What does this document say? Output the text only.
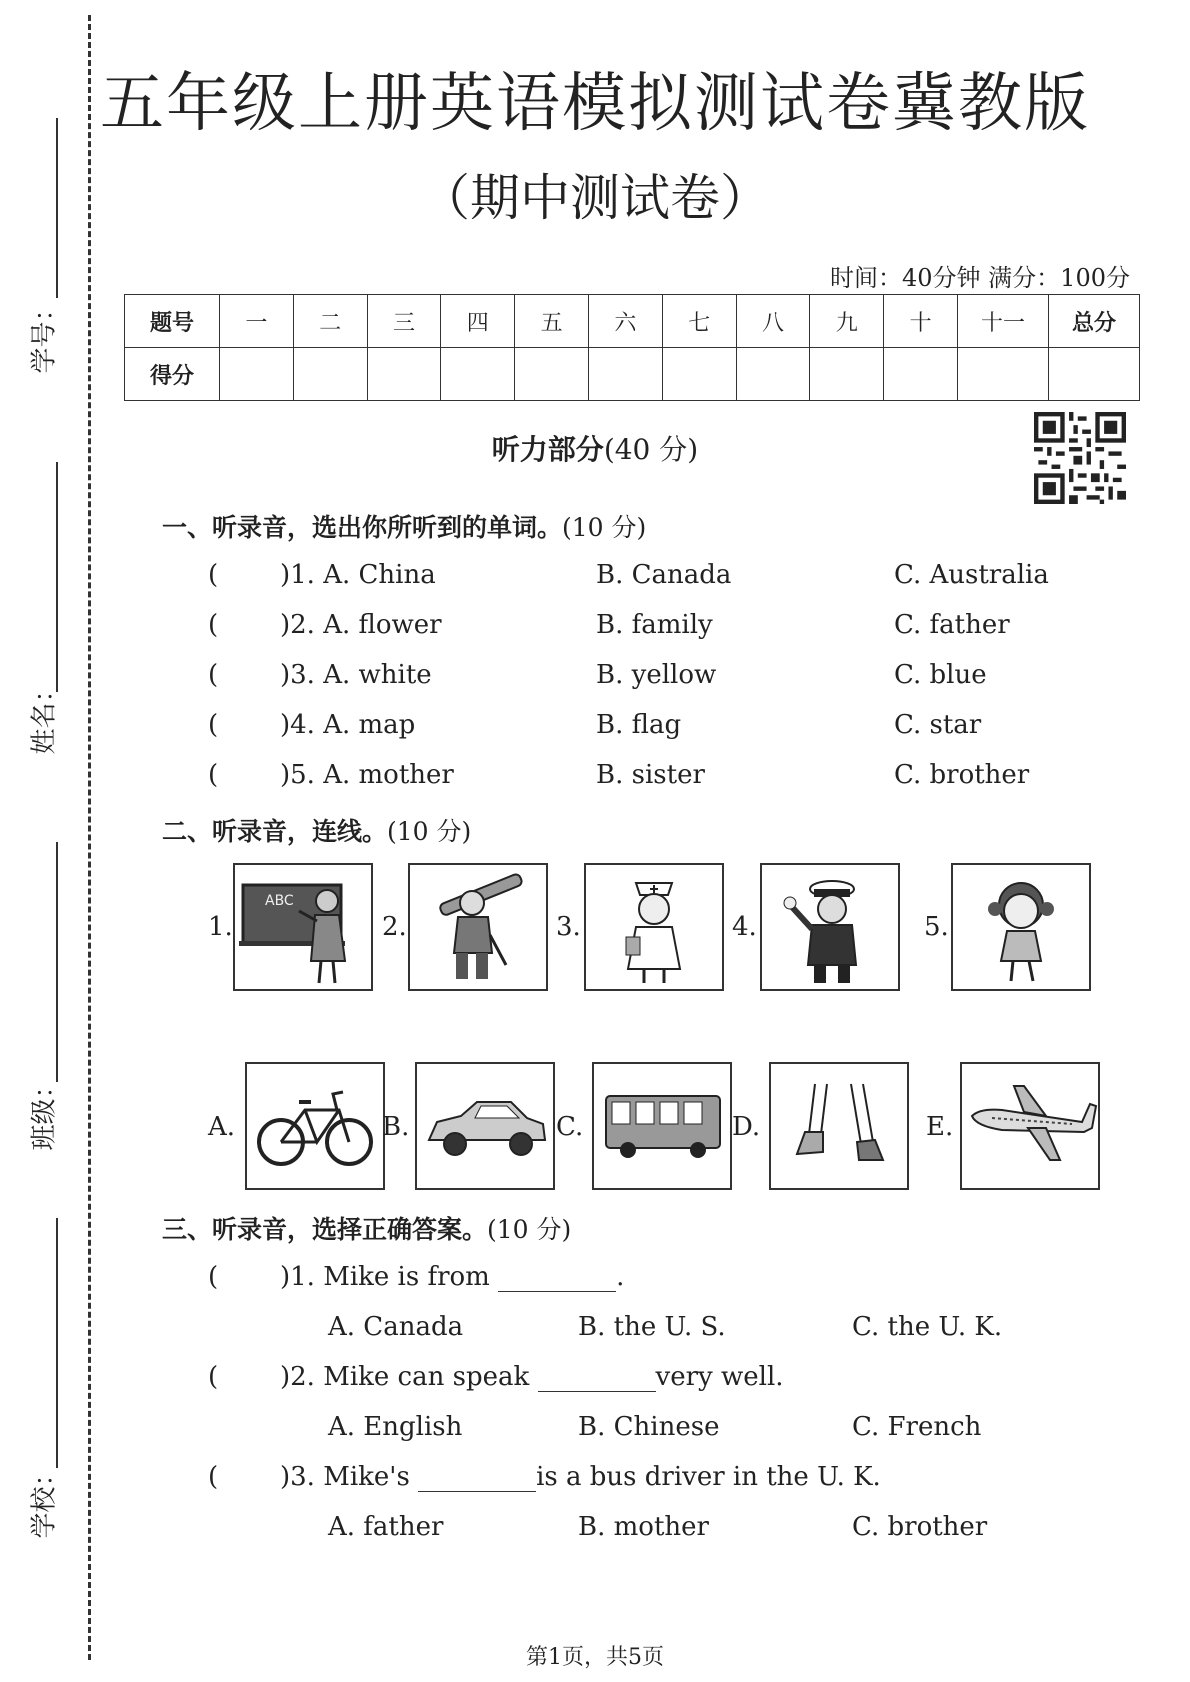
学号：
姓名：
班级：
学校：
五年级上册英语模拟测试卷冀教版
（期中测试卷）
时间：40分钟 满分：100分
题号	一	二	三	四	五	六	七	八	九	十	十一	总分
得分												
听力部分(40 分)
一、听录音，选出你所听到的单词。(10 分)
( )1. A. China	B. Canada	C. Australia
( )2. A. flower	B. family	C. father
( )3. A. white	B. yellow	C. blue
( )4. A. map	B. flag	C. star
( )5. A. mother	B. sister	C. brother
二、听录音，连线。(10 分)
1.
ABC
2.	3.	4.	5.
A.	B.	C.	D.	E.
三、听录音，选择正确答案。(10 分)
( )1. Mike is from	.
A. Canada	B. the U. S.	C. the U. K.
( )2. Mike can speak	very well.
A. English	B. Chinese	C. French
( )3. Mike's	is a bus driver in the U. K.
A. father	B. mother	C. brother
第1页，共5页
